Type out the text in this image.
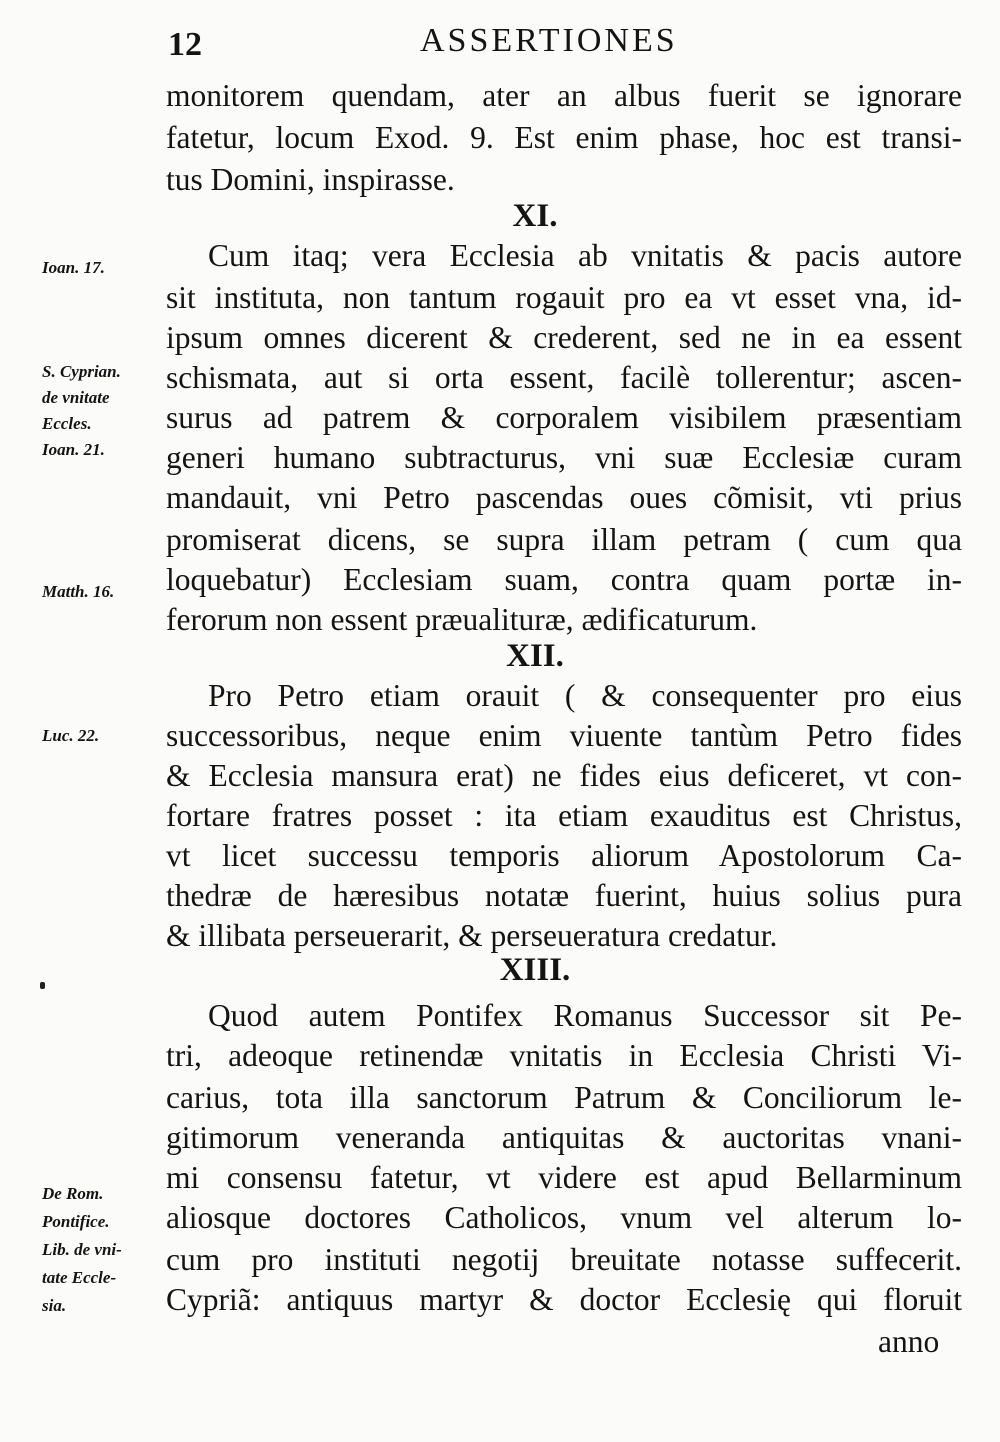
12	ASSERTIONES
monitorem quendam, ater an albus fuerit se ignorare
fatetur, locum Exod. 9. Est enim phase, hoc est transi-
tus Domini, inspirasse.
XI.
Cum itaq; vera Ecclesia ab vnitatis & pacis autore
sit instituta, non tantum rogauit pro ea vt esset vna, id-
ipsum omnes dicerent & crederent, sed ne in ea essent
schismata, aut si orta essent, facilè tollerentur; ascen-
surus ad patrem & corporalem visibilem præsentiam
generi humano subtracturus, vni suæ Ecclesiæ curam
mandauit, vni Petro pascendas oues cõmisit, vti prius
promiserat dicens, se supra illam petram ( cum qua
loquebatur) Ecclesiam suam, contra quam portæ in-
ferorum non essent præualituræ, ædificaturum.
XII.
Pro Petro etiam orauit ( & consequenter pro eius
successoribus, neque enim viuente tantùm Petro fides
& Ecclesia mansura erat) ne fides eius deficeret, vt con-
fortare fratres posset : ita etiam exauditus est Christus,
vt licet successu temporis aliorum Apostolorum Ca-
thedræ de hæresibus notatæ fuerint, huius solius pura
& illibata perseuerarit, & perseueratura credatur.
XIII.
Quod autem Pontifex Romanus Successor sit Pe-
tri, adeoque retinendæ vnitatis in Ecclesia Christi Vi-
carius, tota illa sanctorum Patrum & Conciliorum le-
gitimorum veneranda antiquitas & auctoritas vnani-
mi consensu fatetur, vt videre est apud Bellarminum
aliosque doctores Catholicos, vnum vel alterum lo-
cum pro instituti negotij breuitate notasse suffecerit.
Cypriã: antiquus martyr & doctor Ecclesię qui floruit
anno
Ioan. 17.
S. Cyprian.
de vnitate
Eccles.
Ioan. 21.
Matth. 16.
Luc. 22.
De Rom.
Pontifice.
Lib. de vni-
tate Eccle-
sia.
